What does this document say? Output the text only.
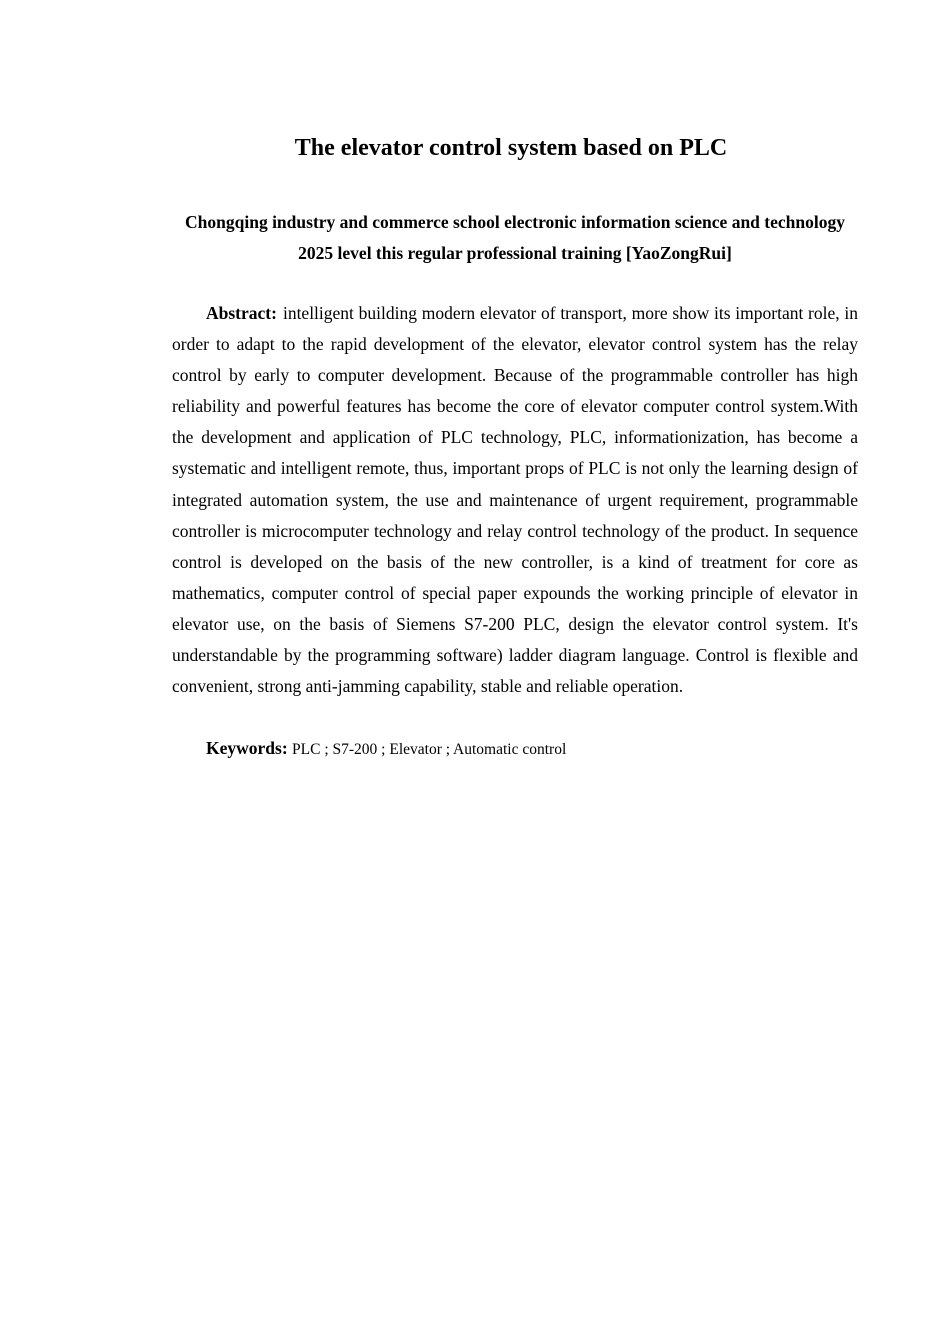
The elevator control system based on PLC

Chongqing industry and commerce school electronic information science and technology 2025 level this regular professional training [YaoZongRui]

Abstract: intelligent building modern elevator of transport, more show its important role, in order to adapt to the rapid development of the elevator, elevator control system has the relay control by early to computer development. Because of the programmable controller has high reliability and powerful features has become the core of elevator computer control system.With the development and application of PLC technology, PLC, informationization, has become a systematic and intelligent remote, thus, important props of PLC is not only the learning design of integrated automation system, the use and maintenance of urgent requirement, programmable controller is microcomputer technology and relay control technology of the product. In sequence control is developed on the basis of the new controller, is a kind of treatment for core as mathematics, computer control of special paper expounds the working principle of elevator in elevator use, on the basis of Siemens S7-200 PLC, design the elevator control system. It's understandable by the programming software) ladder diagram language. Control is flexible and convenient, strong anti-jamming capability, stable and reliable operation.

Keywords: PLC ; S7-200 ; Elevator ; Automatic control
